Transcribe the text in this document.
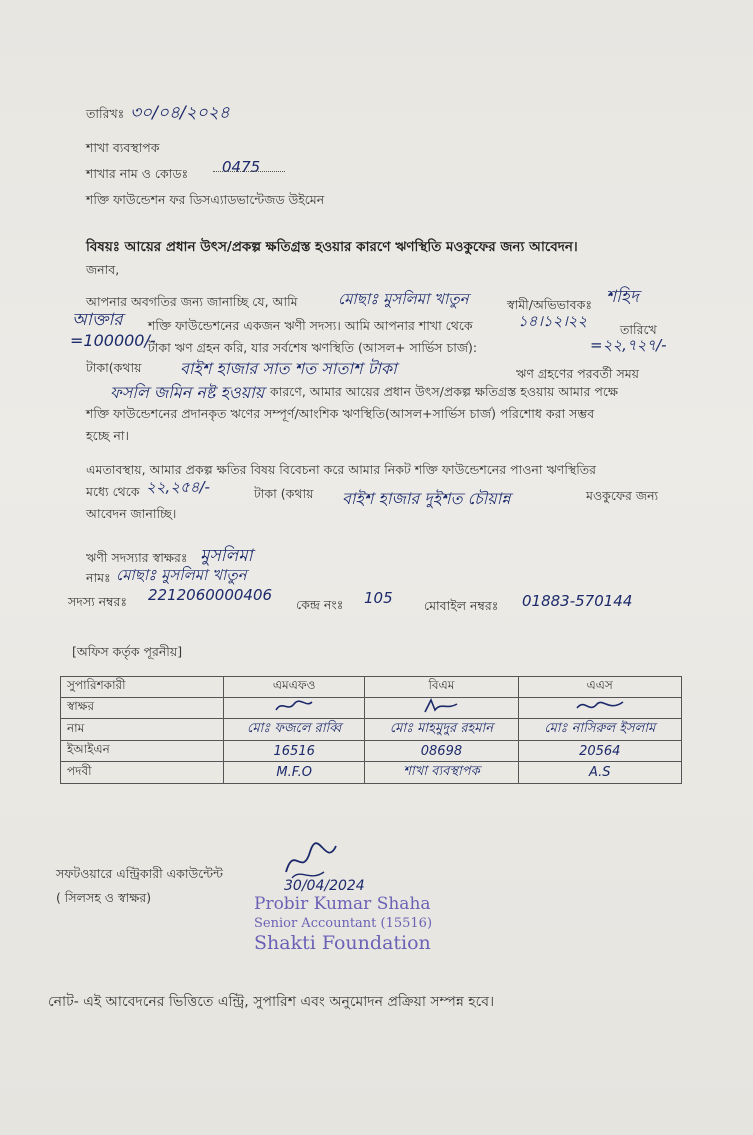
তারিখঃ ৩০/০৪/২০২৪
শাখা ব্যবস্থাপক
শাখার নাম ও কোডঃ 0475
শক্তি ফাউন্ডেশন ফর ডিসএ্যাডভান্টেজড উইমেন
বিষয়ঃ আয়ের প্রধান উৎস/প্রকল্প ক্ষতিগ্রস্ত হওয়ার কারণে ঋণস্থিতি মওকুফের জন্য আবেদন।
জনাব,
আপনার অবগতির জন্য জানাচ্ছি যে, আমি	মোছাঃ মুসলিমা খাতুন	স্বামী/অভিভাবকঃ শহিদ
আক্তার শক্তি ফাউন্ডেশনের একজন ঋণী সদস্য। আমি আপনার শাখা থেকে	১৪।১২।২২	তারিখে
=100000/-
টাকা ঋণ গ্রহন করি, যার সর্বশেষ ঋণস্থিতি (আসল+ সার্ভিস চার্জ):	=২২,৭২৭/-
টাকা(কথায় বাইশ হাজার সাত শত সাতাশ টাকা	ঋণ গ্রহণের পরবর্তী সময়
ফসলি জমিন নষ্ট হওয়ায় কারণে, আমার আয়ের প্রধান উৎস/প্রকল্প ক্ষতিগ্রস্ত হওয়ায় আমার পক্ষে
শক্তি ফাউন্ডেশনের প্রদানকৃত ঋণের সম্পূর্ণ/আংশিক ঋণস্থিতি(আসল+সার্ভিস চার্জ) পরিশোধ করা সম্ভব
হচ্ছে না।
এমতাবস্থায়, আমার প্রকল্প ক্ষতির বিষয় বিবেচনা করে আমার নিকট শক্তি ফাউন্ডেশনের পাওনা ঋণস্থিতির
মধ্যে থেকে ২২,২৫৪/-	টাকা (কথায় বাইশ হাজার দুইশত চৌয়ান্ন	মওকুফের জন্য
আবেদন জানাচ্ছি।
ঋণী সদস্যার স্বাক্ষরঃ মুসলিমা
নামঃ মোছাঃ মুসলিমা খাতুন
সদস্য নম্বরঃ 2212060000406
কেন্দ্র নংঃ 105	মোবাইল নম্বরঃ 01883-570144
[অফিস কর্তৃক পূরনীয়]
সুপারিশকারী	এমএফও	বিএম	এএস
স্বাক্ষর			
নাম	মোঃ ফজলে রাব্বি	মোঃ মাহমুদুর রহমান	মোঃ নাসিরুল ইসলাম
ইআইএন	16516	08698	20564
পদবী	M.F.O	শাখা ব্যবস্থাপক	A.S
সফটওয়ারে এন্ট্রিকারী একাউন্টেন্ট
( সিলসহ ও স্বাক্ষর)
30/04/2024
Probir Kumar Shaha
Senior Accountant (15516)
Shakti Foundation
নোট- এই আবেদনের ভিত্তিতে এন্ট্রি, সুপারিশ এবং অনুমোদন প্রক্রিয়া সম্পন্ন হবে।
